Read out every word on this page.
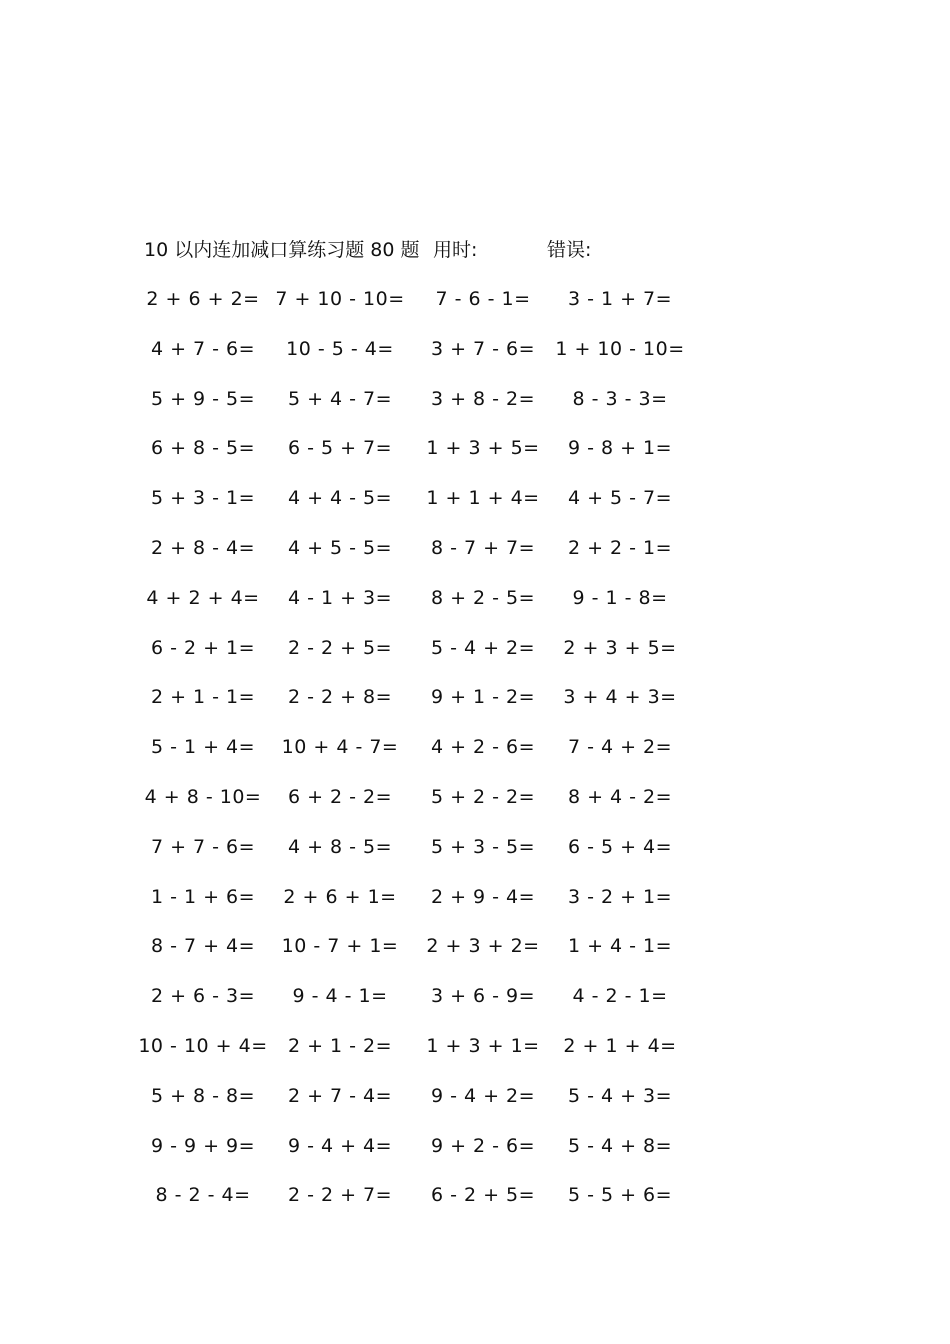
10 以内连加减口算练习题 80 题 用时:	错误:
2 + 6 + 2= 7 + 10 - 10=	7 - 6 - 1=	3 - 1 + 7=
4 + 7 - 6=	10 - 5 - 4=	3 + 7 - 6=	1 + 10 - 10=
5 + 9 - 5=	5 + 4 - 7=	3 + 8 - 2=	8 - 3 - 3=
6 + 8 - 5=	6 - 5 + 7=	1 + 3 + 5=	9 - 8 + 1=
5 + 3 - 1=	4 + 4 - 5=	1 + 1 + 4=	4 + 5 - 7=
2 + 8 - 4=	4 + 5 - 5=	8 - 7 + 7=	2 + 2 - 1=
4 + 2 + 4=	4 - 1 + 3=	8 + 2 - 5=	9 - 1 - 8=
6 - 2 + 1=	2 - 2 + 5=	5 - 4 + 2=	2 + 3 + 5=
2 + 1 - 1=	2 - 2 + 8=	9 + 1 - 2=	3 + 4 + 3=
5 - 1 + 4=	10 + 4 - 7=	4 + 2 - 6=	7 - 4 + 2=
4 + 8 - 10=	6 + 2 - 2=	5 + 2 - 2=	8 + 4 - 2=
7 + 7 - 6=	4 + 8 - 5=	5 + 3 - 5=	6 - 5 + 4=
1 - 1 + 6=	2 + 6 + 1=	2 + 9 - 4=	3 - 2 + 1=
8 - 7 + 4=	10 - 7 + 1=	2 + 3 + 2=	1 + 4 - 1=
2 + 6 - 3=	9 - 4 - 1=	3 + 6 - 9=	4 - 2 - 1=
10 - 10 + 4=	2 + 1 - 2=	1 + 3 + 1=	2 + 1 + 4=
5 + 8 - 8=	2 + 7 - 4=	9 - 4 + 2=	5 - 4 + 3=
9 - 9 + 9=	9 - 4 + 4=	9 + 2 - 6=	5 - 4 + 8=
8 - 2 - 4=	2 - 2 + 7=	6 - 2 + 5=	5 - 5 + 6=
